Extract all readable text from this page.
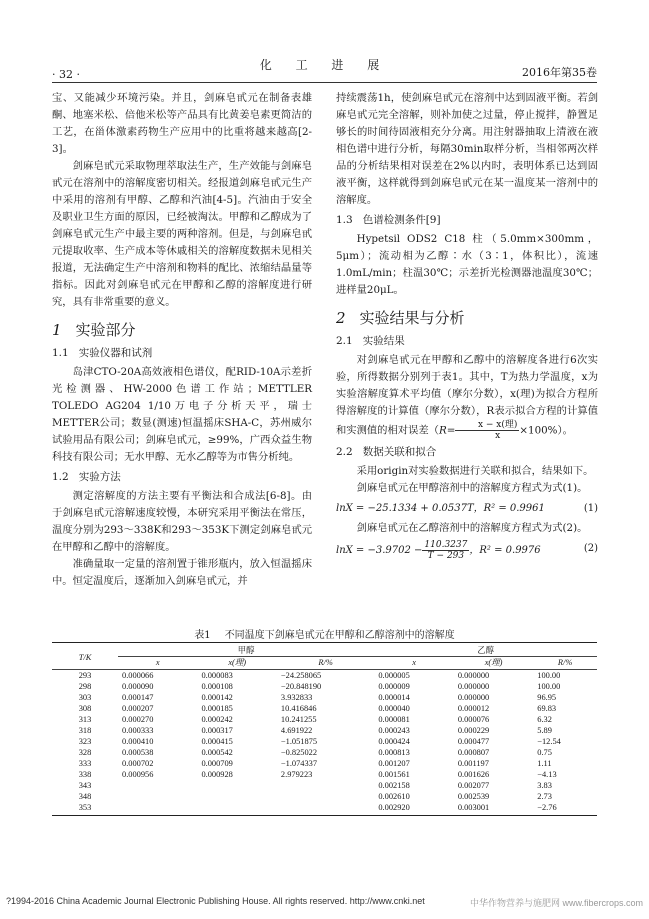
· 32 ·
化 工 进 展
2016年第35卷

宝、又能减少环境污染。并且，剑麻皂甙元在制备表雄酮、地塞米松、倍他米松等产品具有比黄姜皂素更简洁的工艺，在甾体激素药物生产应用中的比重将越来越高[2-3]。

剑麻皂甙元采取物理萃取法生产，生产效能与剑麻皂甙元在溶剂中的溶解度密切相关。经报道剑麻皂甙元生产中采用的溶剂有甲醇、乙醇和汽油[4-5]。汽油由于安全及职业卫生方面的原因，已经被淘汰。甲醇和乙醇成为了剑麻皂甙元生产中最主要的两种溶剂。但是，与剑麻皂甙元提取收率、生产成本等休戚相关的溶解度数据未见相关报道，无法确定生产中溶剂和物料的配比、浓缩结晶量等指标。因此对剑麻皂甙元在甲醇和乙醇的溶解度进行研究，具有非常重要的意义。

1 实验部分
1.1 实验仪器和试剂

岛津CTO-20A高效液相色谱仪，配RID-10A示差折光检测器、HW-2000色谱工作站；METTLER TOLEDO AG204 1/10万电子分析天平，瑞士METTER公司；数显(测速)恒温摇床SHA-C，苏州威尔试验用品有限公司；剑麻皂甙元，≥99%，广西众益生物科技有限公司；无水甲醇、无水乙醇等为市售分析纯。

1.2 实验方法

测定溶解度的方法主要有平衡法和合成法[6-8]。由于剑麻皂甙元溶解速度较慢，本研究采用平衡法在常压，温度分别为293～338K和293～353K下测定剑麻皂甙元在甲醇和乙醇中的溶解度。

准确量取一定量的溶剂置于锥形瓶内，放入恒温摇床中。恒定温度后，逐渐加入剑麻皂甙元，并

持续震荡1h，使剑麻皂甙元在溶剂中达到固液平衡。若剑麻皂甙元完全溶解，则补加使之过量，停止搅拌，静置足够长的时间待固液相充分分离。用注射器抽取上清液在液相色谱中进行分析，每隔30min取样分析，当相邻两次样品的分析结果相对误差在2%以内时，表明体系已达到固液平衡，这样就得到剑麻皂甙元在某一温度某一溶剂中的溶解度。

1.3 色谱检测条件[9]

Hypetsil ODS2 C18 柱（5.0mm×300mm，5μm）；流动相为乙醇∶水（3∶1，体积比），流速1.0mL/min；柱温30℃；示差折光检测器池温度30℃；进样量20μL。

2 实验结果与分析
2.1 实验结果

对剑麻皂甙元在甲醇和乙醇中的溶解度各进行6次实验，所得数据分别列于表1。其中，T为热力学温度，x为实验溶解度算术平均值（摩尔分数），x(理)为拟合方程所得溶解度的计算值（摩尔分数），R表示拟合方程的计算值和实测值的相对误差$(R= \frac{\text{x − x(理)}}{x} \times 100\%)$。

2.2 数据关联和拟合

采用origin对实验数据进行关联和拟合，结果如下。

剑麻皂甙元在甲醇溶剂中的溶解度方程式为式(1)。

lnX = −25.1334 + 0.0537T，R² = 0.9961	(1)

剑麻皂甙元在乙醇溶剂中的溶解度方程式为式(2)。

$\ln X = -3.9702 - \frac{110.3237}{T - 293}$ ，R² = 0.9976	(2)
表1 不同温度下剑麻皂甙元在甲醇和乙醇溶剂中的溶解度
T/K	甲醇			乙醇		
	x	x(理)	R/%	x	x(理)	R/%
293	0.000066	0.000083	−24.258065	0.000005	0.000000	100.00
298	0.000090	0.000108	−20.848190	0.000009	0.000000	100.00
303	0.000147	0.000142	3.932833	0.000014	0.000000	96.95
308	0.000207	0.000185	10.416846	0.000040	0.000012	69.83
313	0.000270	0.000242	10.241255	0.000081	0.000076	6.32
318	0.000333	0.000317	4.691922	0.000243	0.000229	5.89
323	0.000410	0.000415	−1.051875	0.000424	0.000477	−12.54
328	0.000538	0.000542	−0.825022	0.000813	0.000807	0.75
333	0.000702	0.000709	−1.074337	0.001207	0.001197	1.11
338	0.000956	0.000928	2.979223	0.001561	0.001626	−4.13
343				0.002158	0.002077	3.83
348				0.002610	0.002539	2.73
353				0.002920	0.003001	−2.76
?1994-2016 China Academic Journal Electronic Publishing House. All rights reserved. http://www.cnki.net	中华作物营养与施肥网 www.fibercrops.com
